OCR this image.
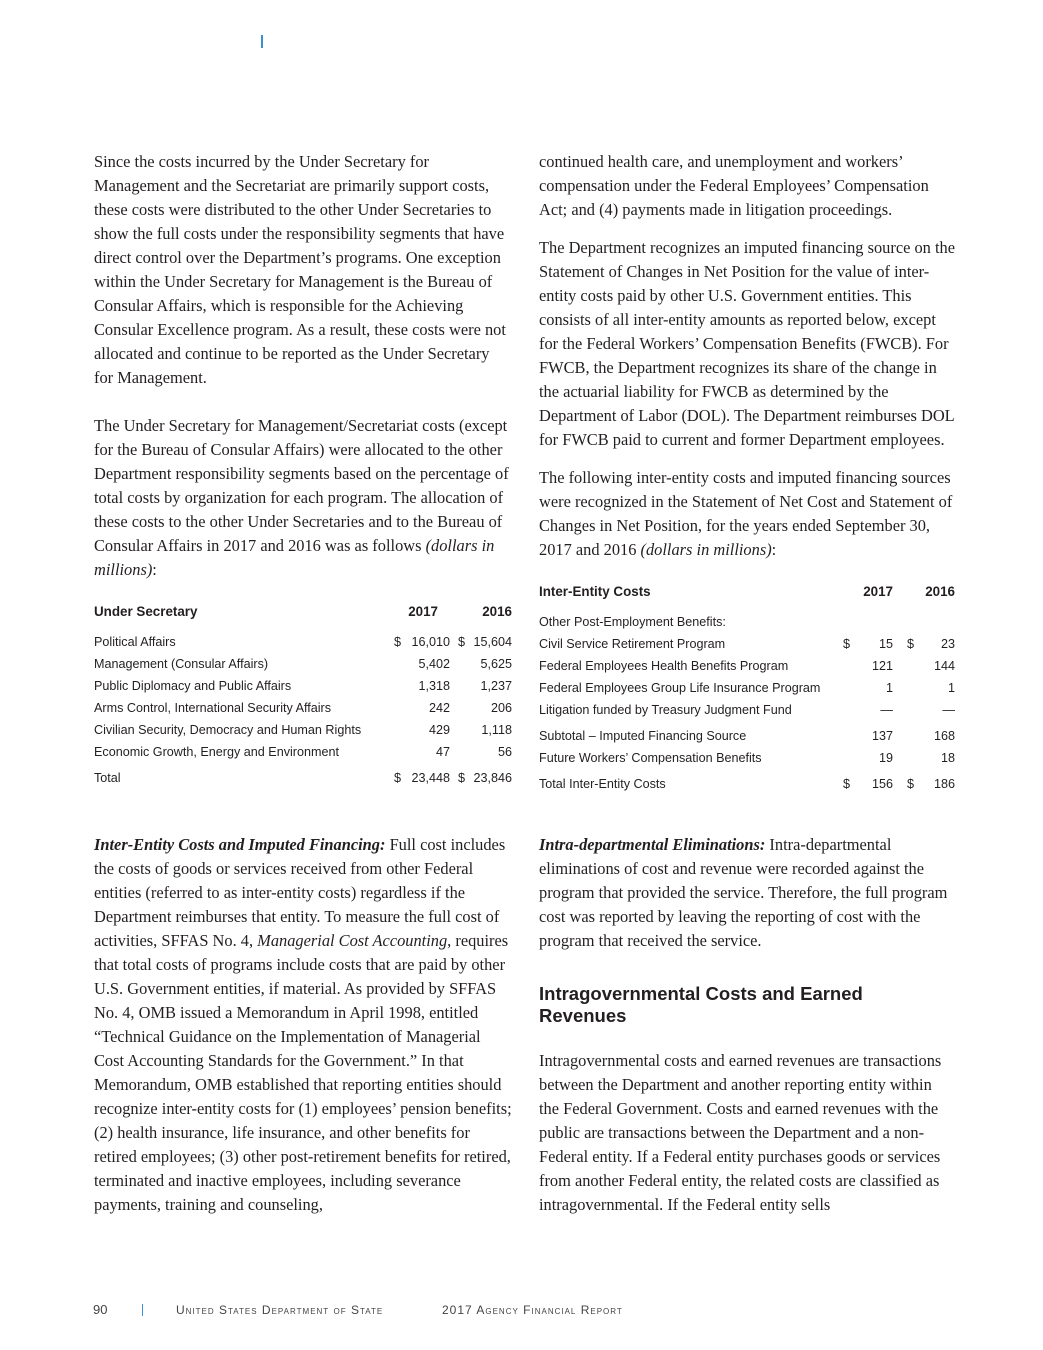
Since the costs incurred by the Under Secretary for Management and the Secretariat are primarily support costs, these costs were distributed to the other Under Secretaries to show the full costs under the responsibility segments that have direct control over the Department’s programs. One exception within the Under Secretary for Management is the Bureau of Consular Affairs, which is responsible for the Achieving Consular Excellence program. As a result, these costs were not allocated and continue to be reported as the Under Secretary for Management.

The Under Secretary for Management/Secretariat costs (except for the Bureau of Consular Affairs) were allocated to the other Department responsibility segments based on the percentage of total costs by organization for each program. The allocation of these costs to the other Under Secretaries and to the Bureau of Consular Affairs in 2017 and 2016 was as follows (dollars in millions):

Under Secretary	2017		2016	
Political Affairs	$	16,010	$	15,604
Management (Consular Affairs)		5,402		5,625
Public Diplomacy and Public Affairs		1,318		1,237
Arms Control, International Security Affairs		242		206
Civilian Security, Democracy and Human Rights		429		1,118
Economic Growth, Energy and Environment		47		56
Total	$	23,448	$	23,846

Inter-Entity Costs and Imputed Financing: Full cost includes the costs of goods or services received from other Federal entities (referred to as inter-entity costs) regardless if the Department reimburses that entity. To measure the full cost of activities, SFFAS No. 4, Managerial Cost Accounting, requires that total costs of programs include costs that are paid by other U.S. Government entities, if material. As provided by SFFAS No. 4, OMB issued a Memorandum in April 1998, entitled “Technical Guidance on the Implementation of Managerial Cost Accounting Standards for the Government.” In that Memorandum, OMB established that reporting entities should recognize inter-entity costs for (1) employees’ pension benefits; (2) health insurance, life insurance, and other benefits for retired employees; (3) other post-retirement benefits for retired, terminated and inactive employees, including severance payments, training and counseling,

continued health care, and unemployment and workers’ compensation under the Federal Employees’ Compensation Act; and (4) payments made in litigation proceedings.

The Department recognizes an imputed financing source on the Statement of Changes in Net Position for the value of inter-entity costs paid by other U.S. Government entities. This consists of all inter-entity amounts as reported below, except for the Federal Workers’ Compensation Benefits (FWCB). For FWCB, the Department recognizes its share of the change in the actuarial liability for FWCB as determined by the Department of Labor (DOL). The Department reimburses DOL for FWCB paid to current and former Department employees.

The following inter-entity costs and imputed financing sources were recognized in the Statement of Net Cost and Statement of Changes in Net Position, for the years ended September 30, 2017 and 2016 (dollars in millions):

Inter-Entity Costs	2017		2016	
Other Post-Employment Benefits:				
Civil Service Retirement Program	$	15	$	23
Federal Employees Health Benefits Program		121		144
Federal Employees Group Life Insurance Program		1		1
Litigation funded by Treasury Judgment Fund		—		—
Subtotal – Imputed Financing Source		137		168
Future Workers’ Compensation Benefits		19		18
Total Inter-Entity Costs	$	156	$	186

Intra-departmental Eliminations: Intra-departmental eliminations of cost and revenue were recorded against the program that provided the service. Therefore, the full program cost was reported by leaving the reporting of cost with the program that received the service.

Intragovernmental Costs and Earned Revenues

Intragovernmental costs and earned revenues are transactions between the Department and another reporting entity within the Federal Government. Costs and earned revenues with the public are transactions between the Department and a non-Federal entity. If a Federal entity purchases goods or services from another Federal entity, the related costs are classified as intragovernmental. If the Federal entity sells

90	United States Department of State	2017 Agency Financial Report
